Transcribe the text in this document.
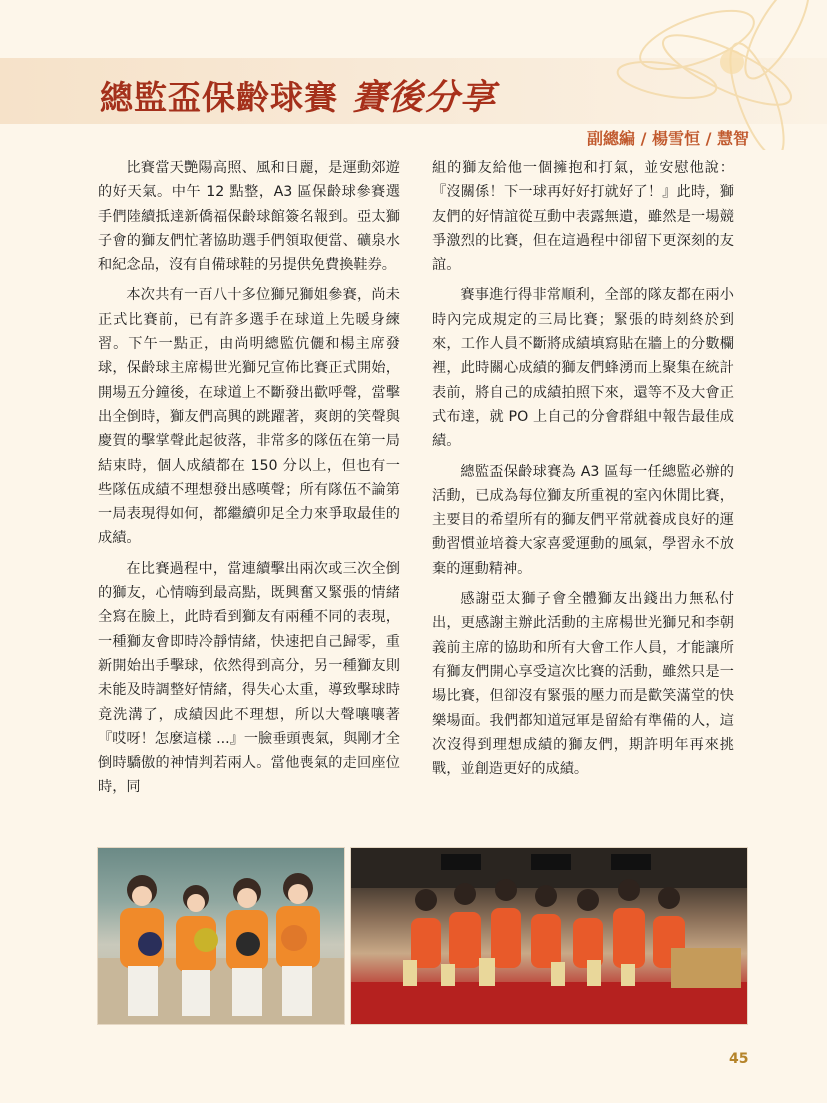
總監盃保齡球賽 賽後分享
副總編 / 楊雪恒 / 慧智

比賽當天艷陽高照、風和日麗，是運動郊遊的好天氣。中午 12 點整，A3 區保齡球參賽選手們陸續抵達新僑福保齡球館簽名報到。亞太獅子會的獅友們忙著協助選手們領取便當、礦泉水和紀念品，沒有自備球鞋的另提供免費換鞋券。

本次共有一百八十多位獅兄獅姐參賽，尚未正式比賽前，已有許多選手在球道上先暖身練習。下午一點正，由尚明總監伉儷和楊主席發球，保齡球主席楊世光獅兄宣佈比賽正式開始，開場五分鐘後，在球道上不斷發出歡呼聲，當擊出全倒時，獅友們高興的跳躍著，爽朗的笑聲與慶賀的擊掌聲此起彼落，非常多的隊伍在第一局結束時，個人成績都在 150 分以上，但也有一些隊伍成績不理想發出感嘆聲；所有隊伍不論第一局表現得如何，都繼續卯足全力來爭取最佳的成績。

在比賽過程中，當連續擊出兩次或三次全倒的獅友，心情嗨到最高點，既興奮又緊張的情緒全寫在臉上，此時看到獅友有兩種不同的表現，一種獅友會即時冷靜情緒，快速把自己歸零，重新開始出手擊球，依然得到高分，另一種獅友則未能及時調整好情緒，得失心太重，導致擊球時竟洗溝了，成績因此不理想，所以大聲嚷嚷著『哎呀！怎麼這樣 ...』一臉垂頭喪氣，與剛才全倒時驕傲的神情判若兩人。當他喪氣的走回座位時，同

組的獅友給他一個擁抱和打氣，並安慰他說：『沒關係！下一球再好好打就好了！』此時，獅友們的好情誼從互動中表露無遺，雖然是一場競爭激烈的比賽，但在這過程中卻留下更深刻的友誼。

賽事進行得非常順利，全部的隊友都在兩小時內完成規定的三局比賽；緊張的時刻終於到來，工作人員不斷將成績填寫貼在牆上的分數欄裡，此時關心成績的獅友們蜂湧而上聚集在統計表前，將自己的成績拍照下來，還等不及大會正式布達，就 PO 上自己的分會群組中報告最佳成績。

總監盃保齡球賽為 A3 區每一任總監必辦的活動，已成為每位獅友所重視的室內休閒比賽，主要目的希望所有的獅友們平常就養成良好的運動習慣並培養大家喜愛運動的風氣，學習永不放棄的運動精神。

感謝亞太獅子會全體獅友出錢出力無私付出，更感謝主辦此活動的主席楊世光獅兄和李朝義前主席的協助和所有大會工作人員，才能讓所有獅友們開心享受這次比賽的活動，雖然只是一場比賽，但卻沒有緊張的壓力而是歡笑滿堂的快樂場面。我們都知道冠軍是留給有準備的人，這次沒得到理想成績的獅友們，期許明年再來挑戰，並創造更好的成績。

45
